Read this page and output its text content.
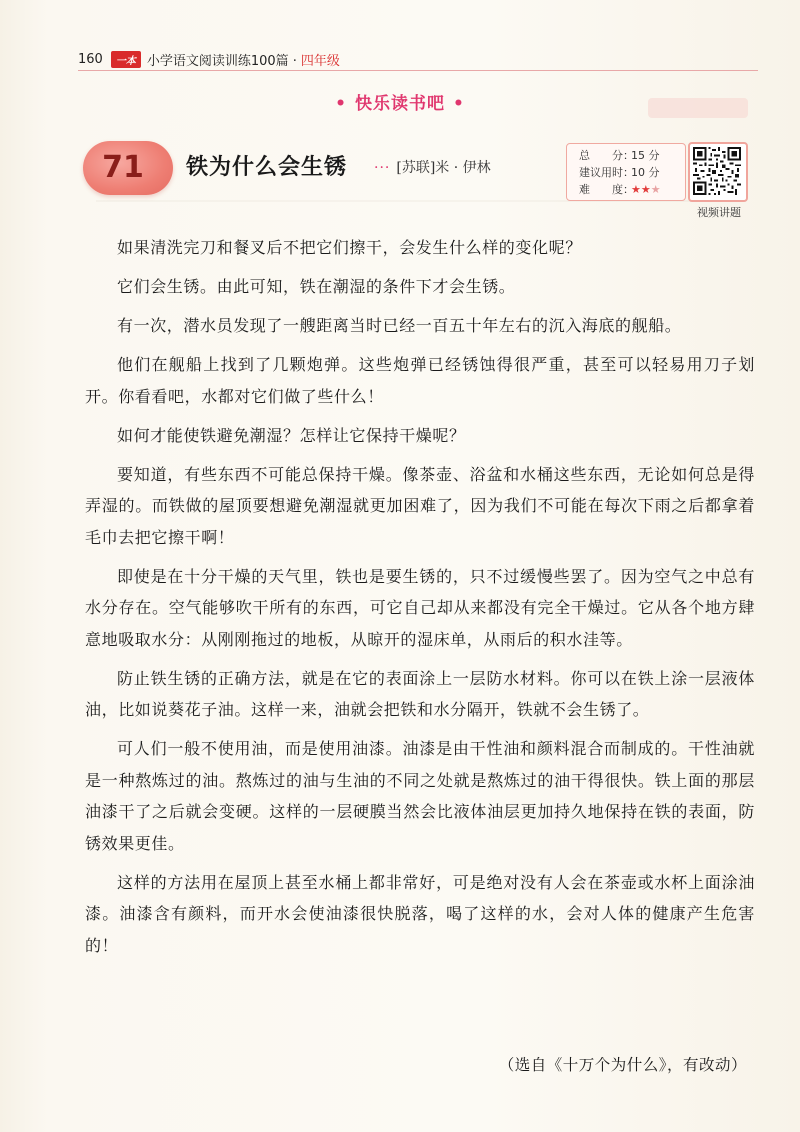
160	一本 小学语文阅读训练100篇 · 四年级
• 快乐读书吧 •
71	铁为什么会生锈 ··· [苏联]米 · 伊林
总　　分：15 分
建议用时：10 分
难　　度：★★★
视频讲题

如果清洗完刀和餐叉后不把它们擦干，会发生什么样的变化呢？

它们会生锈。由此可知，铁在潮湿的条件下才会生锈。

有一次，潜水员发现了一艘距离当时已经一百五十年左右的沉入海底的舰船。

他们在舰船上找到了几颗炮弹。这些炮弹已经锈蚀得很严重，甚至可以轻易用刀子划开。你看看吧，水都对它们做了些什么！

如何才能使铁避免潮湿？怎样让它保持干燥呢？

要知道，有些东西不可能总保持干燥。像茶壶、浴盆和水桶这些东西，无论如何总是得弄湿的。而铁做的屋顶要想避免潮湿就更加困难了，因为我们不可能在每次下雨之后都拿着毛巾去把它擦干啊！

即使是在十分干燥的天气里，铁也是要生锈的，只不过缓慢些罢了。因为空气之中总有水分存在。空气能够吹干所有的东西，可它自己却从来都没有完全干燥过。它从各个地方肆意地吸取水分：从刚刚拖过的地板，从晾开的湿床单，从雨后的积水洼等。

防止铁生锈的正确方法，就是在它的表面涂上一层防水材料。你可以在铁上涂一层液体油，比如说葵花子油。这样一来，油就会把铁和水分隔开，铁就不会生锈了。

可人们一般不使用油，而是使用油漆。油漆是由干性油和颜料混合而制成的。干性油就是一种熬炼过的油。熬炼过的油与生油的不同之处就是熬炼过的油干得很快。铁上面的那层油漆干了之后就会变硬。这样的一层硬膜当然会比液体油层更加持久地保持在铁的表面，防锈效果更佳。

这样的方法用在屋顶上甚至水桶上都非常好，可是绝对没有人会在茶壶或水杯上面涂油漆。油漆含有颜料，而开水会使油漆很快脱落，喝了这样的水，会对人体的健康产生危害的！

（选自《十万个为什么》，有改动）
